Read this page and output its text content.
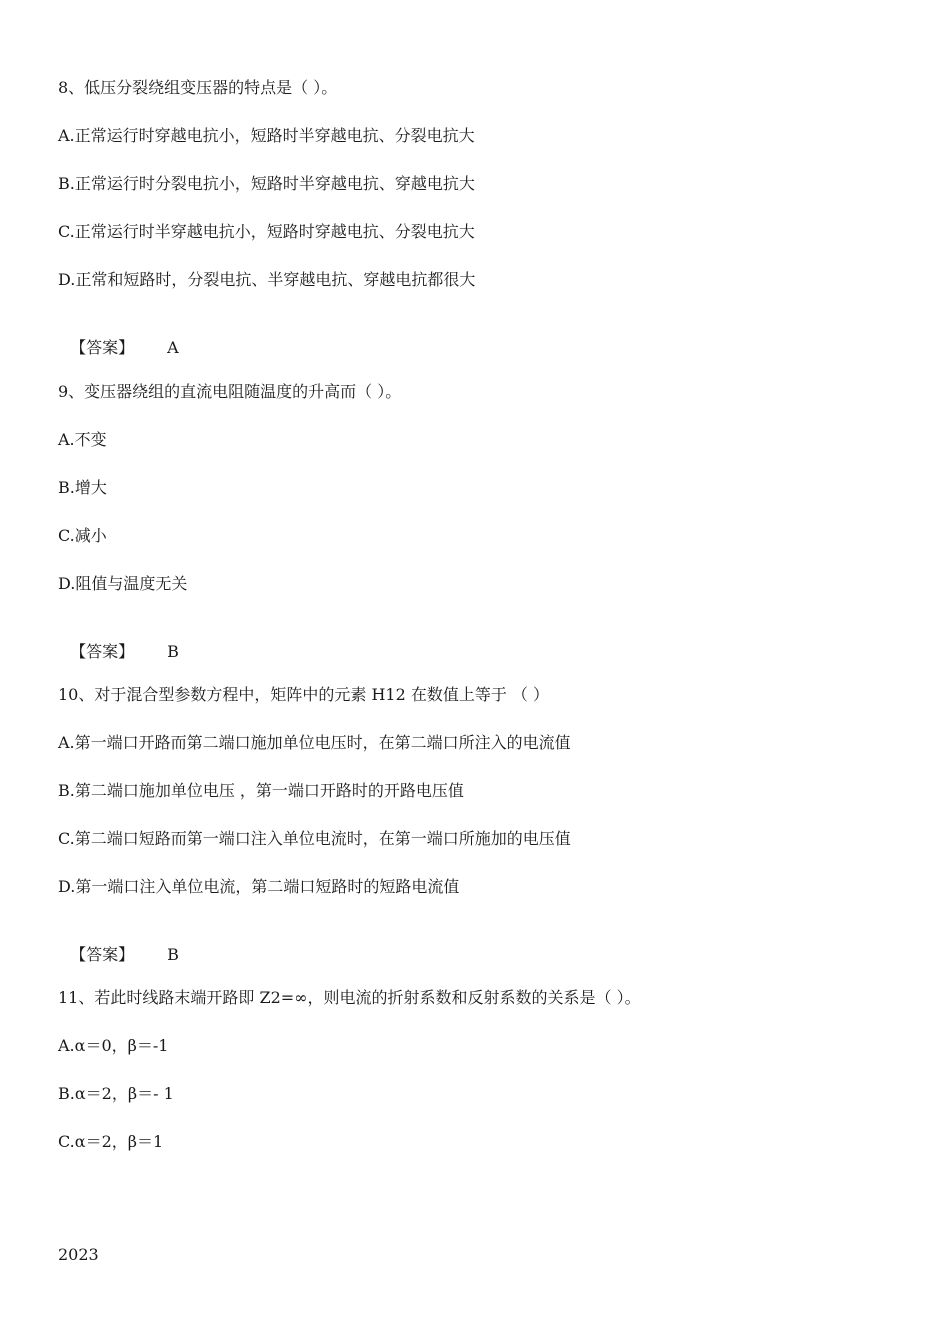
8、低压分裂绕组变压器的特点是（ ）。
A.正常运行时穿越电抗小，短路时半穿越电抗、分裂电抗大
B.正常运行时分裂电抗小，短路时半穿越电抗、穿越电抗大
C.正常运行时半穿越电抗小，短路时穿越电抗、分裂电抗大
D.正常和短路时，分裂电抗、半穿越电抗、穿越电抗都很大

【答案】 A

9、变压器绕组的直流电阻随温度的升高而（ ）。
A.不变
B.增大
C.减小
D.阻值与温度无关

【答案】 B

10、对于混合型参数方程中，矩阵中的元素 H12 在数值上等于 （ ）
A.第一端口开路而第二端口施加单位电压时，在第二端口所注入的电流值
B.第二端口施加单位电压 ，第一端口开路时的开路电压值
C.第二端口短路而第一端口注入单位电流时，在第一端口所施加的电压值
D.第一端口注入单位电流，第二端口短路时的短路电流值

【答案】 B

11、若此时线路末端开路即 Z2=∞，则电流的折射系数和反射系数的关系是（ ）。
A.α＝0，β＝-1
B.α＝2，β＝- 1
C.α＝2，β＝1
2023
